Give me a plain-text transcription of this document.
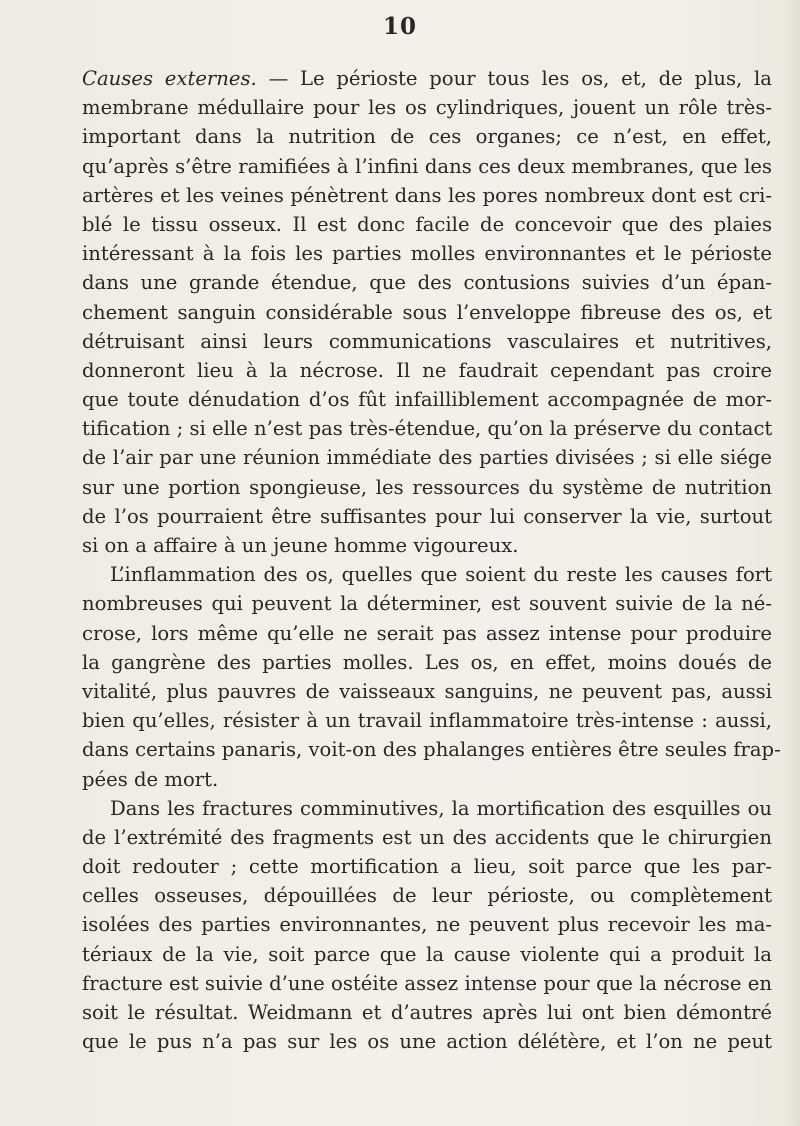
10
Causes externes. — Le périoste pour tous les os, et, de plus, la
membrane médullaire pour les os cylindriques, jouent un rôle très-
important dans la nutrition de ces organes; ce n’est, en effet,
qu’après s’être ramifiées à l’infini dans ces deux membranes, que les
artères et les veines pénètrent dans les pores nombreux dont est cri-
blé le tissu osseux. Il est donc facile de concevoir que des plaies
intéressant à la fois les parties molles environnantes et le périoste
dans une grande étendue, que des contusions suivies d’un épan-
chement sanguin considérable sous l’enveloppe fibreuse des os, et
détruisant ainsi leurs communications vasculaires et nutritives,
donneront lieu à la nécrose. Il ne faudrait cependant pas croire
que toute dénudation d’os fût infailliblement accompagnée de mor-
tification ; si elle n’est pas très-étendue, qu’on la préserve du contact
de l’air par une réunion immédiate des parties divisées ; si elle siége
sur une portion spongieuse, les ressources du système de nutrition
de l’os pourraient être suffisantes pour lui conserver la vie, surtout
si on a affaire à un jeune homme vigoureux.
L’inflammation des os, quelles que soient du reste les causes fort
nombreuses qui peuvent la déterminer, est souvent suivie de la né-
crose, lors même qu’elle ne serait pas assez intense pour produire
la gangrène des parties molles. Les os, en effet, moins doués de
vitalité, plus pauvres de vaisseaux sanguins, ne peuvent pas, aussi
bien qu’elles, résister à un travail inflammatoire très-intense : aussi,
dans certains panaris, voit-on des phalanges entières être seules frap-
pées de mort.
Dans les fractures comminutives, la mortification des esquilles ou
de l’extrémité des fragments est un des accidents que le chirurgien
doit redouter ; cette mortification a lieu, soit parce que les par-
celles osseuses, dépouillées de leur périoste, ou complètement
isolées des parties environnantes, ne peuvent plus recevoir les ma-
tériaux de la vie, soit parce que la cause violente qui a produit la
fracture est suivie d’une ostéite assez intense pour que la nécrose en
soit le résultat. Weidmann et d’autres après lui ont bien démontré
que le pus n’a pas sur les os une action délétère, et l’on ne peut
